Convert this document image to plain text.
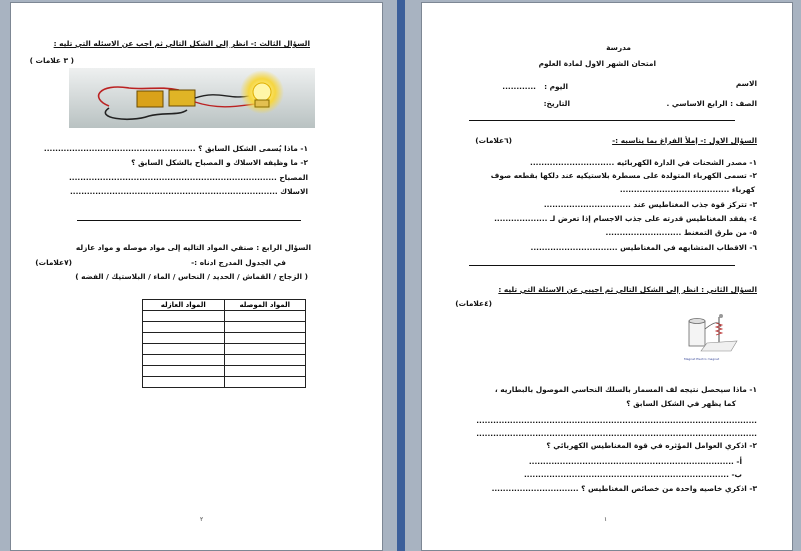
السؤال الثالث :- انظر إلى الشكل التالي ثم اجب عن الاسئله التي تليه :
( ٣ علامات )
١- ماذا يُسمى الشكل السابق ؟ ......................................................
٢- ما وظيفه الاسلاك و المصباح بالشكل السابق ؟
المصباح ..........................................................................
الاسلاك ..........................................................................
السؤال الرابع : صنفي المواد التاليه إلى مواد موصله و مواد عازله
في الجدول المدرج ادناه :-
(٧علامات)
( الزجاج / القماش / الحديد / النحاس / الماء / البلاستيك / الفضه )
المواد العازله	المواد الموصله

٢
مدرسة
امتحان الشهر الاول لمادة العلوم
الاسم
اليوم :
............
الصف : الرابع الاساسي .
التاريخ:
السؤال الاول :- إملأ الفراغ بما يناسبه :-
(٦علامات)
١- مصدر الشحنات في الدارة الكهربائيه ..............................
٢- تسمى الكهرباء المتولدة على مسطرة بلاستيكيه عند دلكها بقطعه صوف
كهرباء .......................................
٣- تتركز قوة جذب المغناطيس عند ...............................
٤- يفقد المغناطيس قدرته على جذب الاجسام إذا تعرض لـ ...................
٥- من طرق التمغنط ...........................
٦- الاقطاب المتشابهه في المغناطيس ...............................
السؤال الثاني : انظر إلى الشكل التالي ثم اجيبي عن الاسئلة التي تليه :
(٤علامات)
Magnet Electro magnet
١- ماذا سيحصل نتيجه لف المسمار بالسلك النحاسي الموصول بالبطاريه ،
كما يظهر في الشكل السابق ؟
....................................................................................................
....................................................................................................
٢- اذكري العوامل المؤثره في قوة المغناطيس الكهربائي ؟
أ- .........................................................................
ب- .........................................................................
٣- اذكري خاصيه واحدة من خصائص المغناطيس ؟ ...............................
١
